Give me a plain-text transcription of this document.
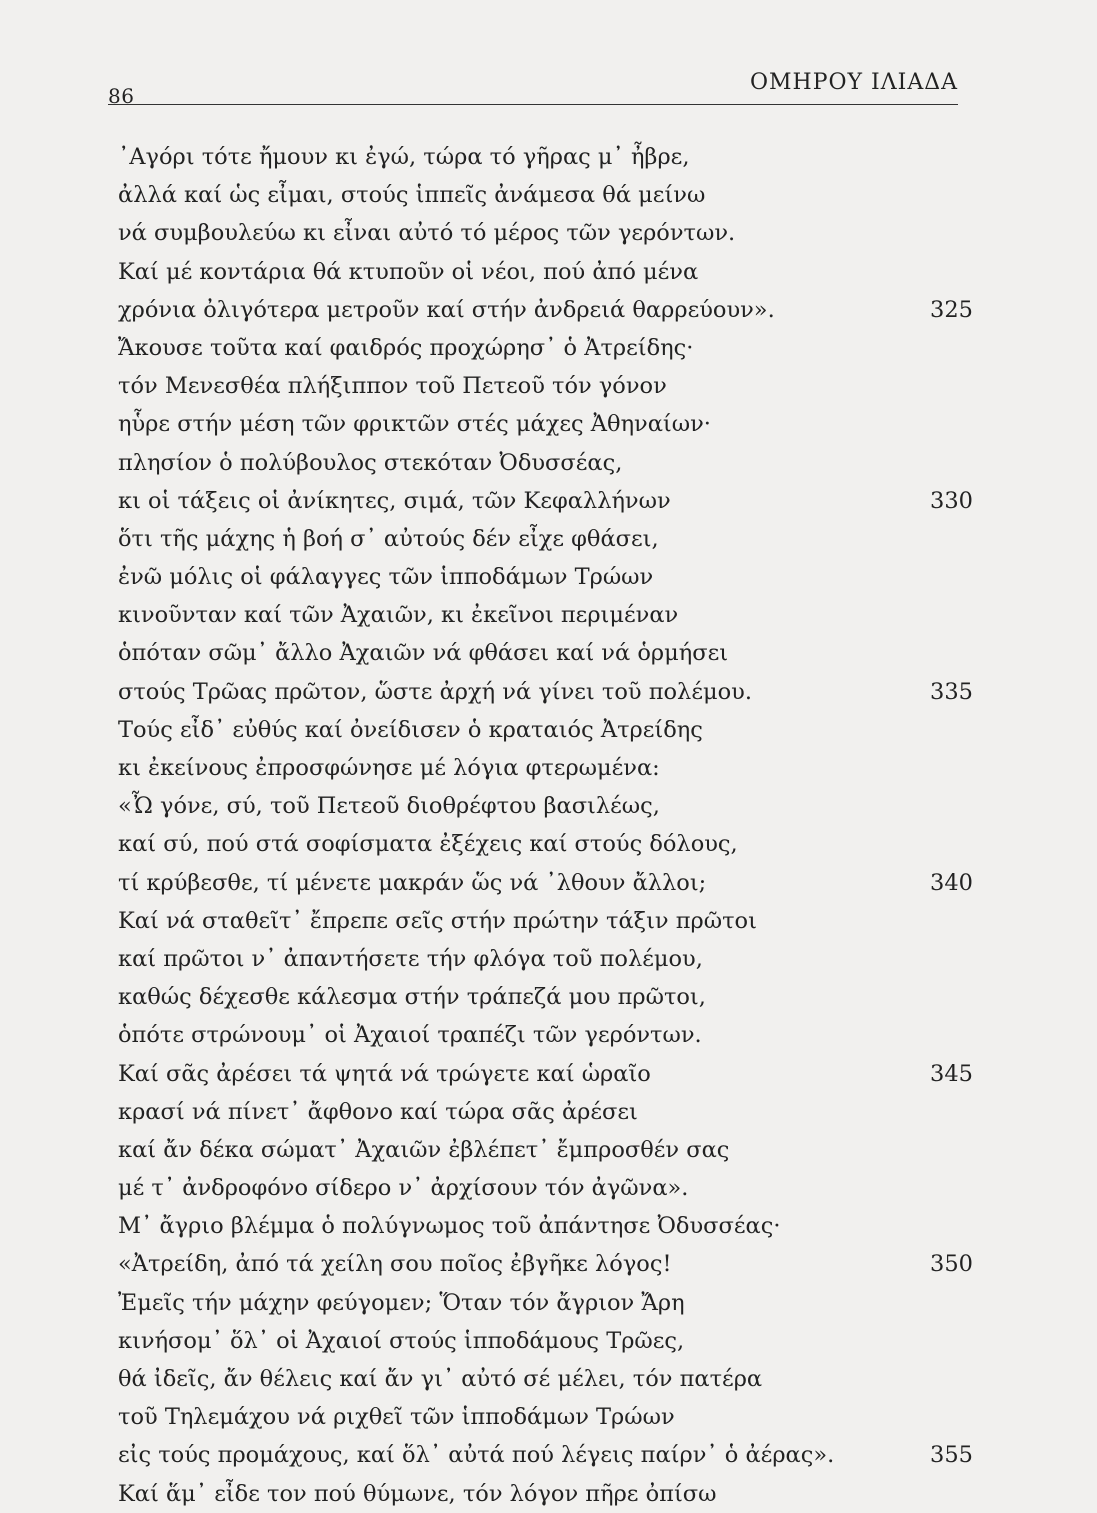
86
ΟΜΗΡΟΥ ΙΛΙΑΔΑ
᾿Αγόρι τότε ἤμουν κι ἐγώ, τώρα τό γῆρας μ᾿ ἦβρε,
ἀλλά καί ὡς εἶμαι, στούς ἱππεῖς ἀνάμεσα θά μείνω
νά συμβουλεύω κι εἶναι αὐτό τό μέρος τῶν γερόντων.
Καί μέ κοντάρια θά κτυποῦν οἱ νέοι, πού ἀπό μένα
χρόνια ὀλιγότερα μετροῦν καί στήν ἀνδρειά θαρρεύουν».	325
Ἄκουσε τοῦτα καί φαιδρός προχώρησ᾿ ὁ Ἀτρείδης·
τόν Μενεσθέα πλήξιππον τοῦ Πετεοῦ τόν γόνον
ηὗρε στήν μέση τῶν φρικτῶν στές μάχες Ἀθηναίων·
πλησίον ὁ πολύβουλος στεκόταν Ὀδυσσέας,
κι οἱ τάξεις οἱ ἀνίκητες, σιμά, τῶν Κεφαλλήνων	330
ὅτι τῆς μάχης ἡ βοή σ᾿ αὐτούς δέν εἶχε φθάσει,
ἐνῶ μόλις οἱ φάλαγγες τῶν ἱπποδάμων Τρώων
κινοῦνταν καί τῶν Ἀχαιῶν, κι ἐκεῖνοι περιμέναν
ὁπόταν σῶμ᾿ ἄλλο Ἀχαιῶν νά φθάσει καί νά ὁρμήσει
στούς Τρῶας πρῶτον, ὥστε ἀρχή νά γίνει τοῦ πολέμου.	335
Τούς εἶδ᾿ εὐθύς καί ὀνείδισεν ὁ κραταιός Ἀτρείδης
κι ἐκείνους ἐπροσφώνησε μέ λόγια φτερωμένα:
«Ὦ γόνε, σύ, τοῦ Πετεοῦ διοθρέφτου βασιλέως,
καί σύ, πού στά σοφίσματα ἐξέχεις καί στούς δόλους,
τί κρύβεσθε, τί μένετε μακράν ὥς νά ᾿λθουν ἄλλοι;	340
Καί νά σταθεῖτ᾿ ἔπρεπε σεῖς στήν πρώτην τάξιν πρῶτοι
καί πρῶτοι ν᾿ ἀπαντήσετε τήν φλόγα τοῦ πολέμου,
καθώς δέχεσθε κάλεσμα στήν τράπεζά μου πρῶτοι,
ὁπότε στρώνουμ᾿ οἱ Ἀχαιοί τραπέζι τῶν γερόντων.
Καί σᾶς ἀρέσει τά ψητά νά τρώγετε καί ὡραῖο	345
κρασί νά πίνετ᾿ ἄφθονο καί τώρα σᾶς ἀρέσει
καί ἄν δέκα σώματ᾿ Ἀχαιῶν ἐβλέπετ᾿ ἔμπροσθέν σας
μέ τ᾿ ἀνδροφόνο σίδερο ν᾿ ἀρχίσουν τόν ἀγῶνα».
Μ᾿ ἄγριο βλέμμα ὁ πολύγνωμος τοῦ ἀπάντησε Ὀδυσσέας·
«Ἀτρείδη, ἀπό τά χείλη σου ποῖος ἐβγῆκε λόγος!	350
Ἐμεῖς τήν μάχην φεύγομεν; Ὅταν τόν ἄγριον Ἄρη
κινήσομ᾿ ὅλ᾿ οἱ Ἀχαιοί στούς ἱπποδάμους Τρῶες,
θά ἰδεῖς, ἄν θέλεις καί ἄν γι᾿ αὐτό σέ μέλει, τόν πατέρα
τοῦ Τηλεμάχου νά ριχθεῖ τῶν ἱπποδάμων Τρώων
εἰς τούς προμάχους, καί ὅλ᾿ αὐτά πού λέγεις παίρν᾿ ὁ ἀέρας».	355
Καί ἅμ᾿ εἶδε τον πού θύμωνε, τόν λόγον πῆρε ὀπίσω
